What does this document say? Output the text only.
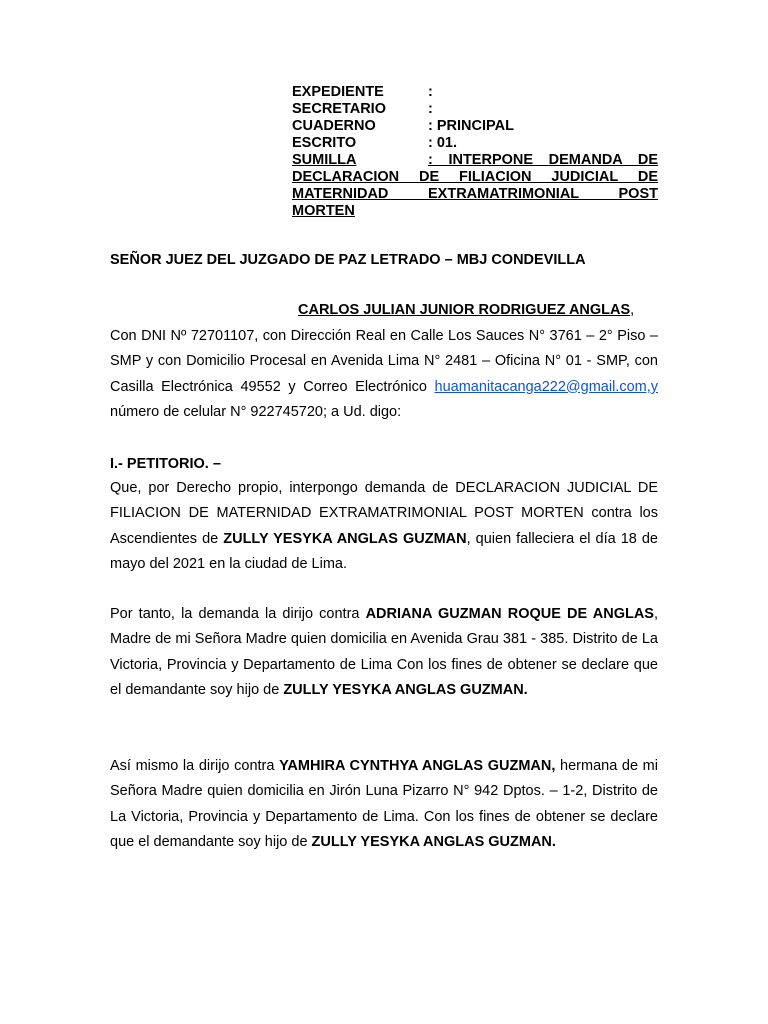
EXPEDIENTE	:
SECRETARIO	:
CUADERNO	: PRINCIPAL
ESCRITO	: 01.
SUMILLA	: INTERPONE DEMANDA DE
DECLARACION DE FILIACION JUDICIAL DE
MATERNIDAD EXTRAMATRIMONIAL POST
MORTEN
SEÑOR JUEZ DEL JUZGADO DE PAZ LETRADO – MBJ CONDEVILLA
CARLOS JULIAN JUNIOR RODRIGUEZ ANGLAS,
Con DNI Nº 72701107, con Dirección Real en Calle Los Sauces N° 3761 – 2° Piso – SMP y con Domicilio Procesal en Avenida Lima N° 2481 – Oficina N° 01 - SMP, con Casilla Electrónica 49552 y Correo Electrónico huamanitacanga222@gmail.com,y número de celular N° 922745720; a Ud. digo:
I.- PETITORIO. –
Que, por Derecho propio, interpongo demanda de DECLARACION JUDICIAL DE FILIACION DE MATERNIDAD EXTRAMATRIMONIAL POST MORTEN contra los Ascendientes de ZULLY YESYKA ANGLAS GUZMAN, quien falleciera el día 18 de mayo del 2021 en la ciudad de Lima.
Por tanto, la demanda la dirijo contra ADRIANA GUZMAN ROQUE DE ANGLAS, Madre de mi Señora Madre quien domicilia en Avenida Grau 381 - 385. Distrito de La Victoria, Provincia y Departamento de Lima Con los fines de obtener se declare que el demandante soy hijo de ZULLY YESYKA ANGLAS GUZMAN.
Así mismo la dirijo contra YAMHIRA CYNTHYA ANGLAS GUZMAN, hermana de mi Señora Madre quien domicilia en Jirón Luna Pizarro N° 942 Dptos. – 1-2, Distrito de La Victoria, Provincia y Departamento de Lima. Con los fines de obtener se declare que el demandante soy hijo de ZULLY YESYKA ANGLAS GUZMAN.
